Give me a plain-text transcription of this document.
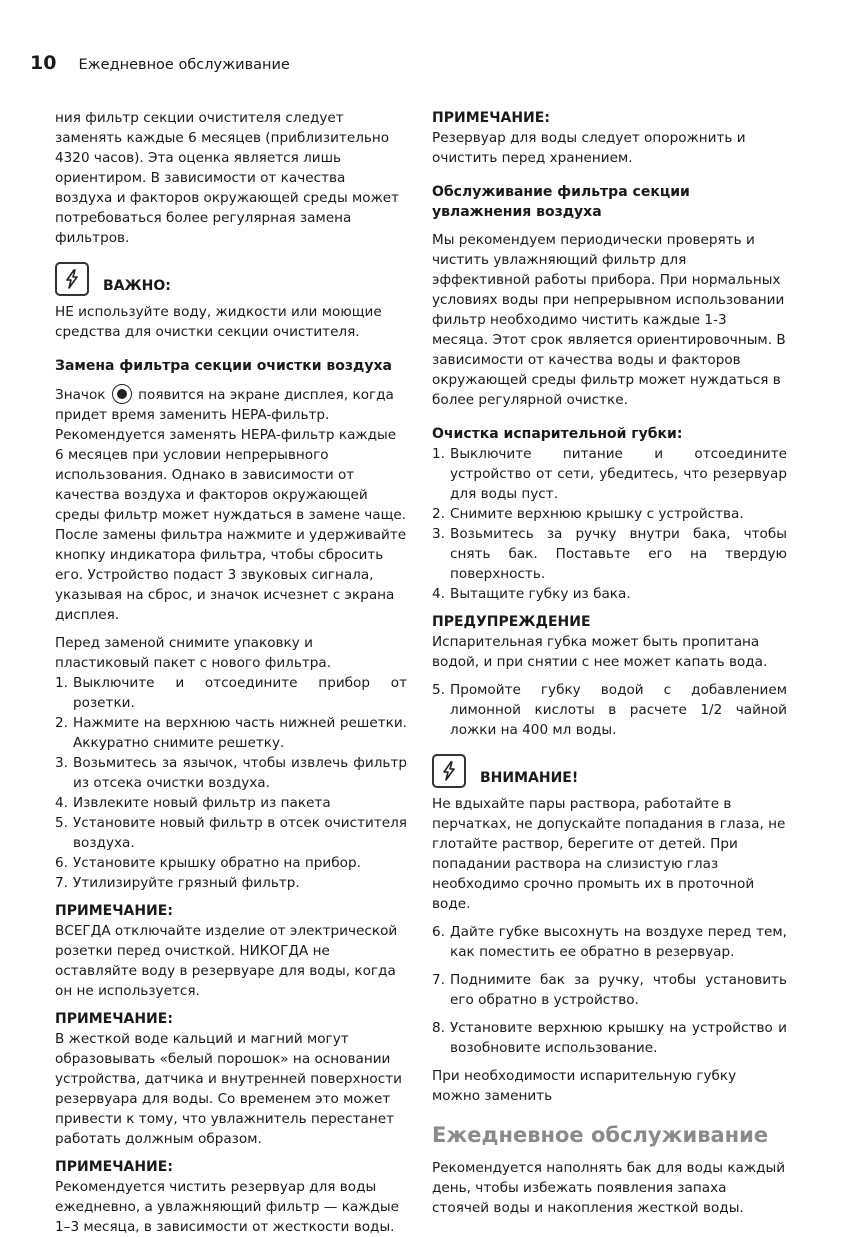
10 Ежедневное обслуживание

ния фильтр секции очистителя следует заменять каждые 6 месяцев (приблизительно 4320 часов). Эта оценка является лишь ориентиром. В зависимости от качества воздуха и факторов окружающей среды может потребоваться более регулярная замена фильтров.

ВАЖНО:

НЕ используйте воду, жидкости или моющие средства для очистки секции очистителя.

Замена фильтра секции очистки воздуха

Значок появится на экране дисплея, когда придет время заменить HEPA-фильтр. Рекомендуется заменять HEPA-фильтр каждые 6 месяцев при условии непрерывного использования. Однако в зависимости от качества воздуха и факторов окружающей среды фильтр может нуждаться в замене чаще. После замены фильтра нажмите и удерживайте кнопку индикатора фильтра, чтобы сбросить его. Устройство подаст 3 звуковых сигнала, указывая на сброс, и значок исчезнет с экрана дисплея.

Перед заменой снимите упаковку и пластиковый пакет с нового фильтра.

1. Выключите и отсоедините прибор от розетки.
2. Нажмите на верхнюю часть нижней решетки. Аккуратно снимите решетку.
3. Возьмитесь за язычок, чтобы извлечь фильтр из отсека очистки воздуха.
4. Извлеките новый фильтр из пакета
5. Установите новый фильтр в отсек очистителя воздуха.
6. Установите крышку обратно на прибор.
7. Утилизируйте грязный фильтр.
ПРИМЕЧАНИЕ:

ВСЕГДА отключайте изделие от электрической розетки перед очисткой. НИКОГДА не оставляйте воду в резервуаре для воды, когда он не используется.

ПРИМЕЧАНИЕ:

В жесткой воде кальций и магний могут образовывать «белый порошок» на основании устройства, датчика и внутренней поверхности резервуара для воды. Со временем это может привести к тому, что увлажнитель перестанет работать должным образом.

ПРИМЕЧАНИЕ:

Рекомендуется чистить резервуар для воды ежедневно, а увлажняющий фильтр — каждые 1–3 месяца, в зависимости от жесткости воды.

ПРИМЕЧАНИЕ:

Резервуар для воды следует опорожнить и очистить перед хранением.

Обслуживание фильтра секции увлажнения воздуха

Мы рекомендуем периодически проверять и чистить увлажняющий фильтр для эффективной работы прибора. При нормальных условиях воды при непрерывном использовании фильтр необходимо чистить каждые 1-3 месяца. Этот срок является ориентировочным. В зависимости от качества воды и факторов окружающей среды фильтр может нуждаться в более регулярной очистке.

Очистка испарительной губки:
1. Выключите питание и отсоедините устройство от сети, убедитесь, что резервуар для воды пуст.
2. Снимите верхнюю крышку с устройства.
3. Возьмитесь за ручку внутри бака, чтобы снять бак. Поставьте его на твердую поверхность.
4. Вытащите губку из бака.
ПРЕДУПРЕЖДЕНИЕ

Испарительная губка может быть пропитана водой, и при снятии с нее может капать вода.

5. Промойте губку водой с добавлением лимонной кислоты в расчете 1/2 чайной ложки на 400 мл воды.
ВНИМАНИЕ!

Не вдыхайте пары раствора, работайте в перчатках, не допускайте попадания в глаза, не глотайте раствор, берегите от детей. При попадании раствора на слизистую глаз необходимо срочно промыть их в проточной воде.

6. Дайте губке высохнуть на воздухе перед тем, как поместить ее обратно в резервуар.
7. Поднимите бак за ручку, чтобы установить его обратно в устройство.
8. Установите верхнюю крышку на устройство и возобновите использование.

При необходимости испарительную губку можно заменить

Ежедневное обслуживание

Рекомендуется наполнять бак для воды каждый день, чтобы избежать появления запаха стоячей воды и накопления жесткой воды.
